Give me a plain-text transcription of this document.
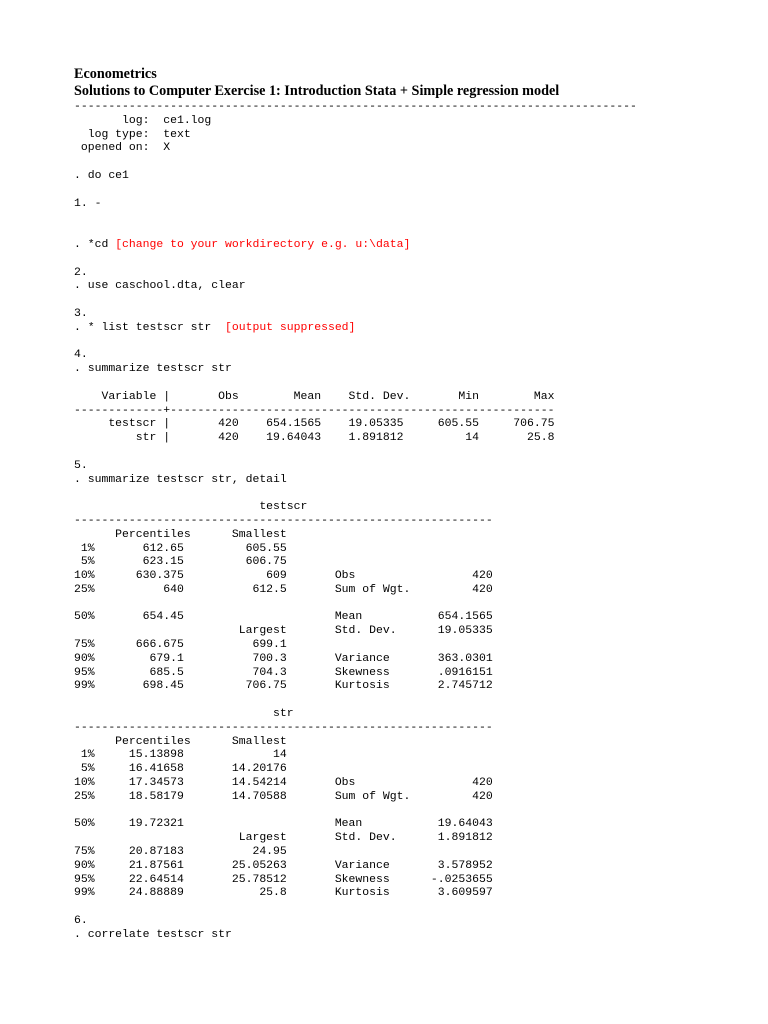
Econometrics
Solutions to Computer Exercise 1: Introduction Stata + Simple regression model
----------------------------------------------------------------------------------
log:  ce1.log
log type:  text
opened on:  X

. do ce1

1. -

. *cd [change to your workdirectory e.g. u:\data]

2.
. use caschool.dta, clear

3.
. * list testscr str [output suppressed]

4.
. summarize testscr str

Variable |       Obs        Mean    Std. Dev.       Min        Max
-------------+--------------------------------------------------------
testscr |       420    654.1565    19.05335     605.55     706.75
str |       420    19.64043    1.891812         14       25.8

5.
. summarize testscr str, detail

testscr
-------------------------------------------------------------
Percentiles      Smallest
1%       612.65         605.55
5%       623.15         606.75
10%      630.375            609       Obs                 420
25%          640          612.5       Sum of Wgt.         420

50%       654.45                      Mean           654.1565
Largest       Std. Dev.      19.05335
75%      666.675          699.1
90%        679.1          700.3       Variance       363.0301
95%        685.5          704.3       Skewness       .0916151
99%       698.45         706.75       Kurtosis       2.745712

str
-------------------------------------------------------------
Percentiles      Smallest
1%     15.13898             14
5%     16.41658       14.20176
10%     17.34573       14.54214       Obs                 420
25%     18.58179       14.70588       Sum of Wgt.         420

50%     19.72321                      Mean           19.64043
Largest       Std. Dev.      1.891812
75%     20.87183          24.95
90%     21.87561       25.05263       Variance       3.578952
95%     22.64514       25.78512       Skewness      -.0253655
99%     24.88889           25.8       Kurtosis       3.609597

6.
. correlate testscr str
